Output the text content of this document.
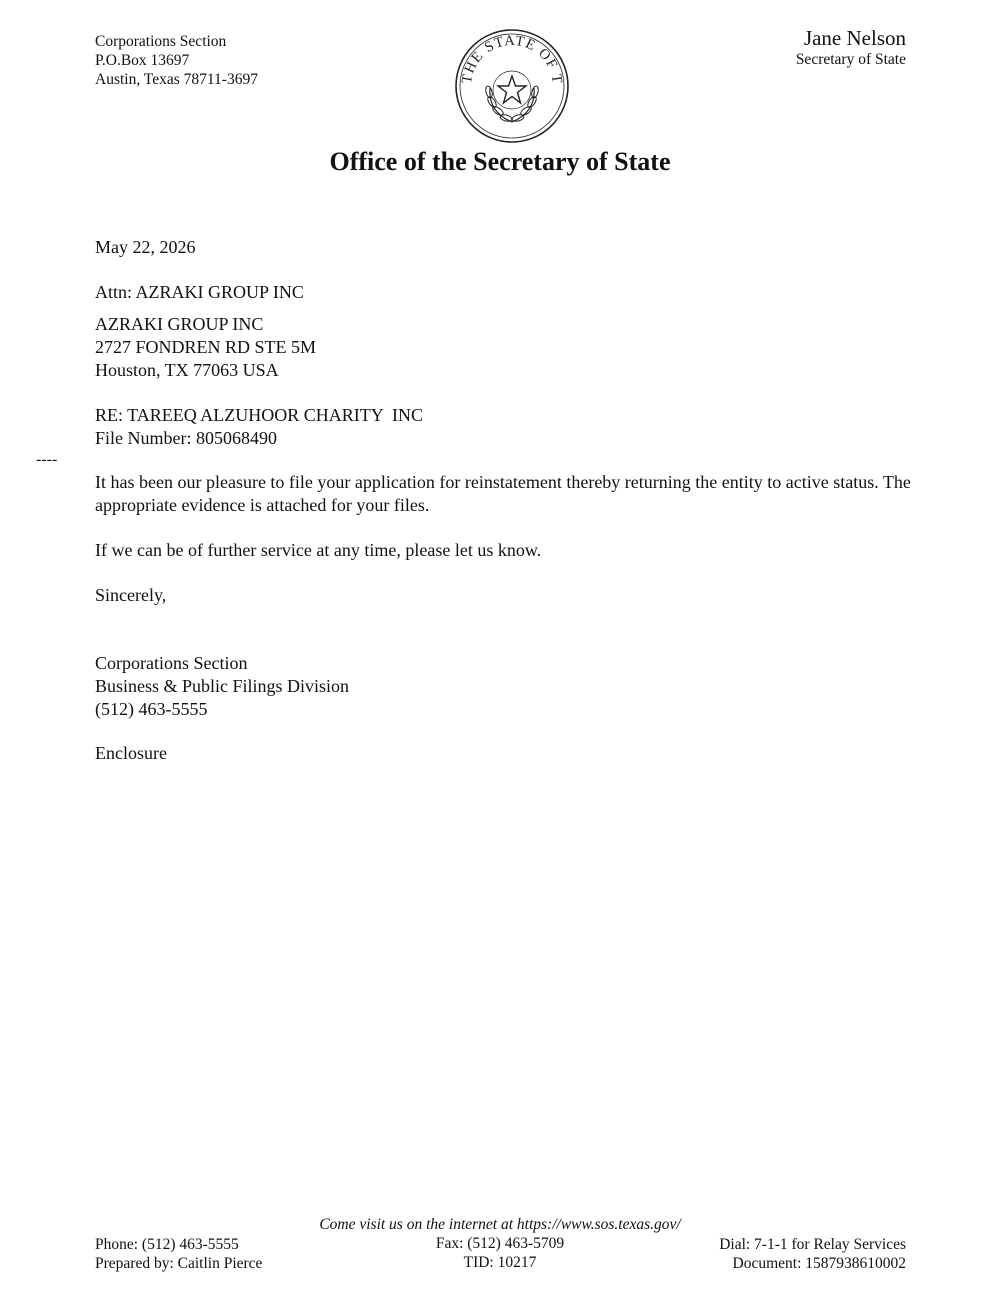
Corporations Section
P.O.Box 13697
Austin, Texas 78711-3697	THE STATE OF T
Jane Nelson
Secretary of State
Office of the Secretary of State
May 22, 2026
Attn: AZRAKI GROUP INC
AZRAKI GROUP INC
2727 FONDREN RD STE 5M
Houston, TX 77063 USA
RE: TAREEQ ALZUHOOR CHARITY  INC
File Number: 805068490
----
It has been our pleasure to file your application for reinstatement thereby returning the entity to active status. The appropriate evidence is attached for your files.
If we can be of further service at any time, please let us know.
Sincerely,
Corporations Section
Business & Public Filings Division
(512) 463-5555
Enclosure
Come visit us on the internet at https://www.sos.texas.gov/
Fax: (512) 463-5709
TID: 10217
Phone: (512) 463-5555
Prepared by: Caitlin Pierce
Dial: 7-1-1 for Relay Services
Document: 1587938610002
